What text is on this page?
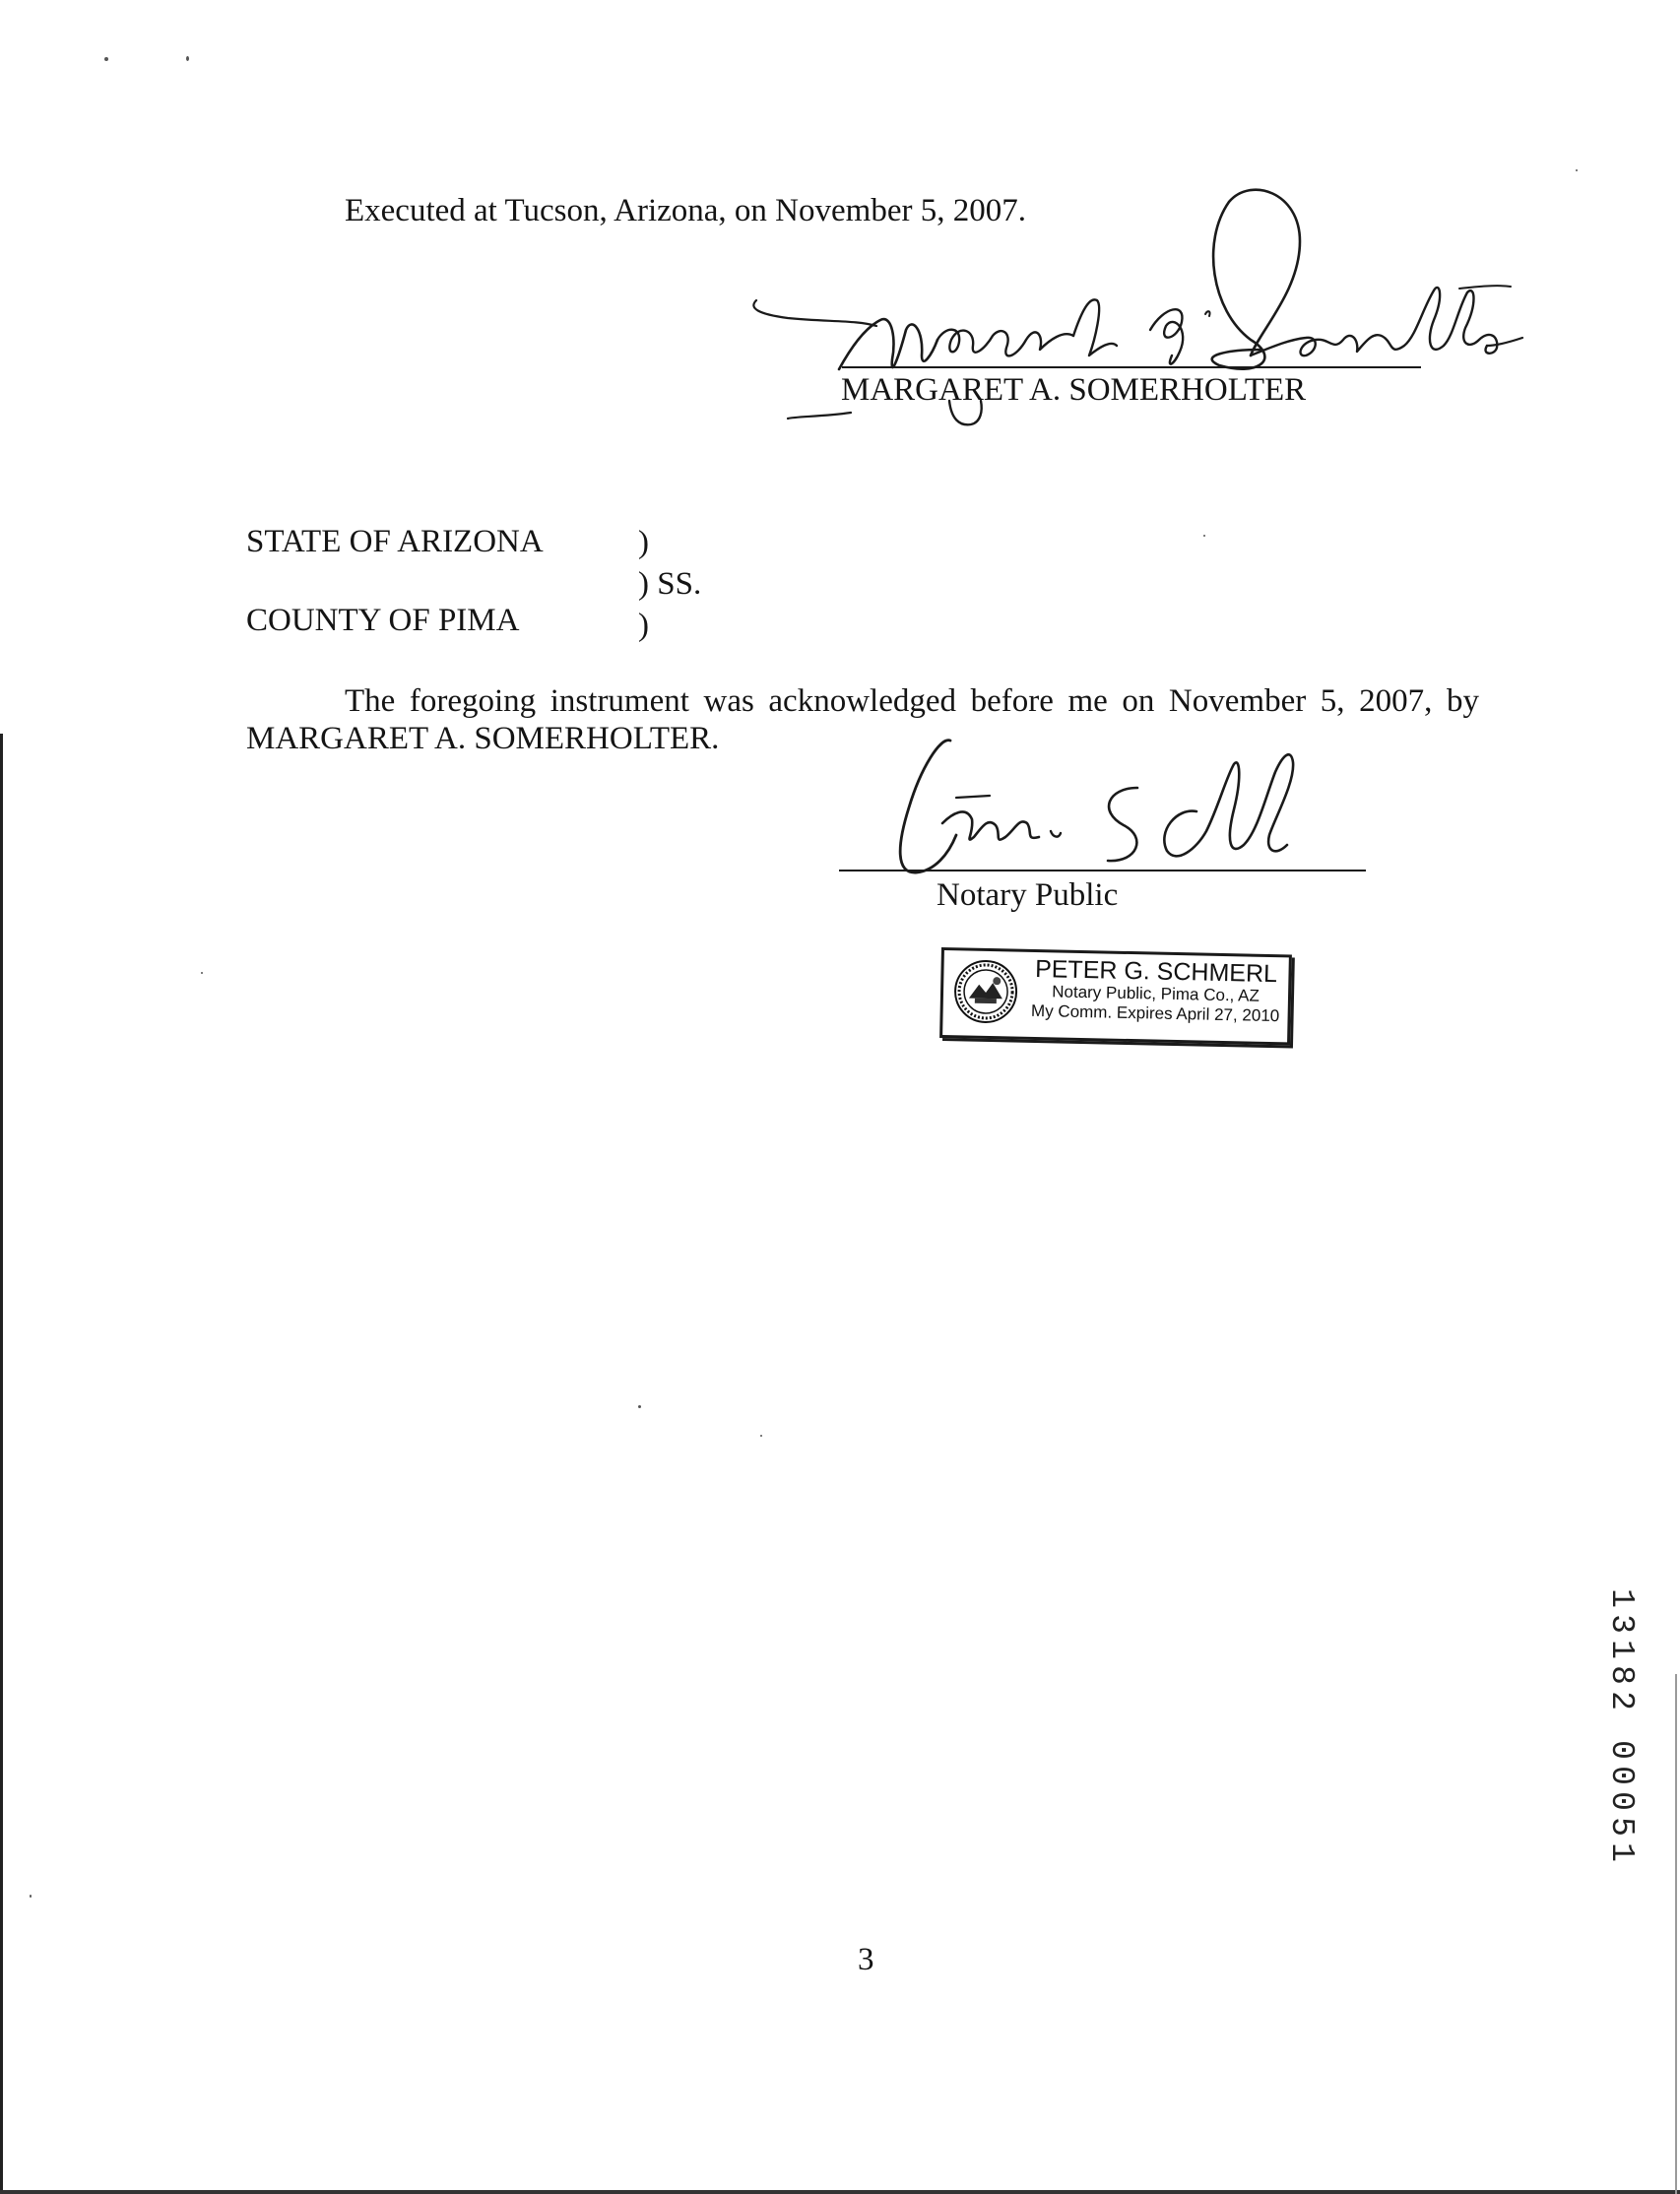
Executed at Tucson, Arizona, on November 5, 2007.
MARGARET A. SOMERHOLTER
STATE OF ARIZONA	)
) SS.
COUNTY OF PIMA	)
The foregoing instrument was acknowledged before me on November 5, 2007, by
MARGARET A. SOMERHOLTER.
Notary Public
PETER G. SCHMERL
Notary Public, Pima Co., AZ
My Comm. Expires April 27, 2010
1
3
1
8
2
0
0
0
5
1
3
